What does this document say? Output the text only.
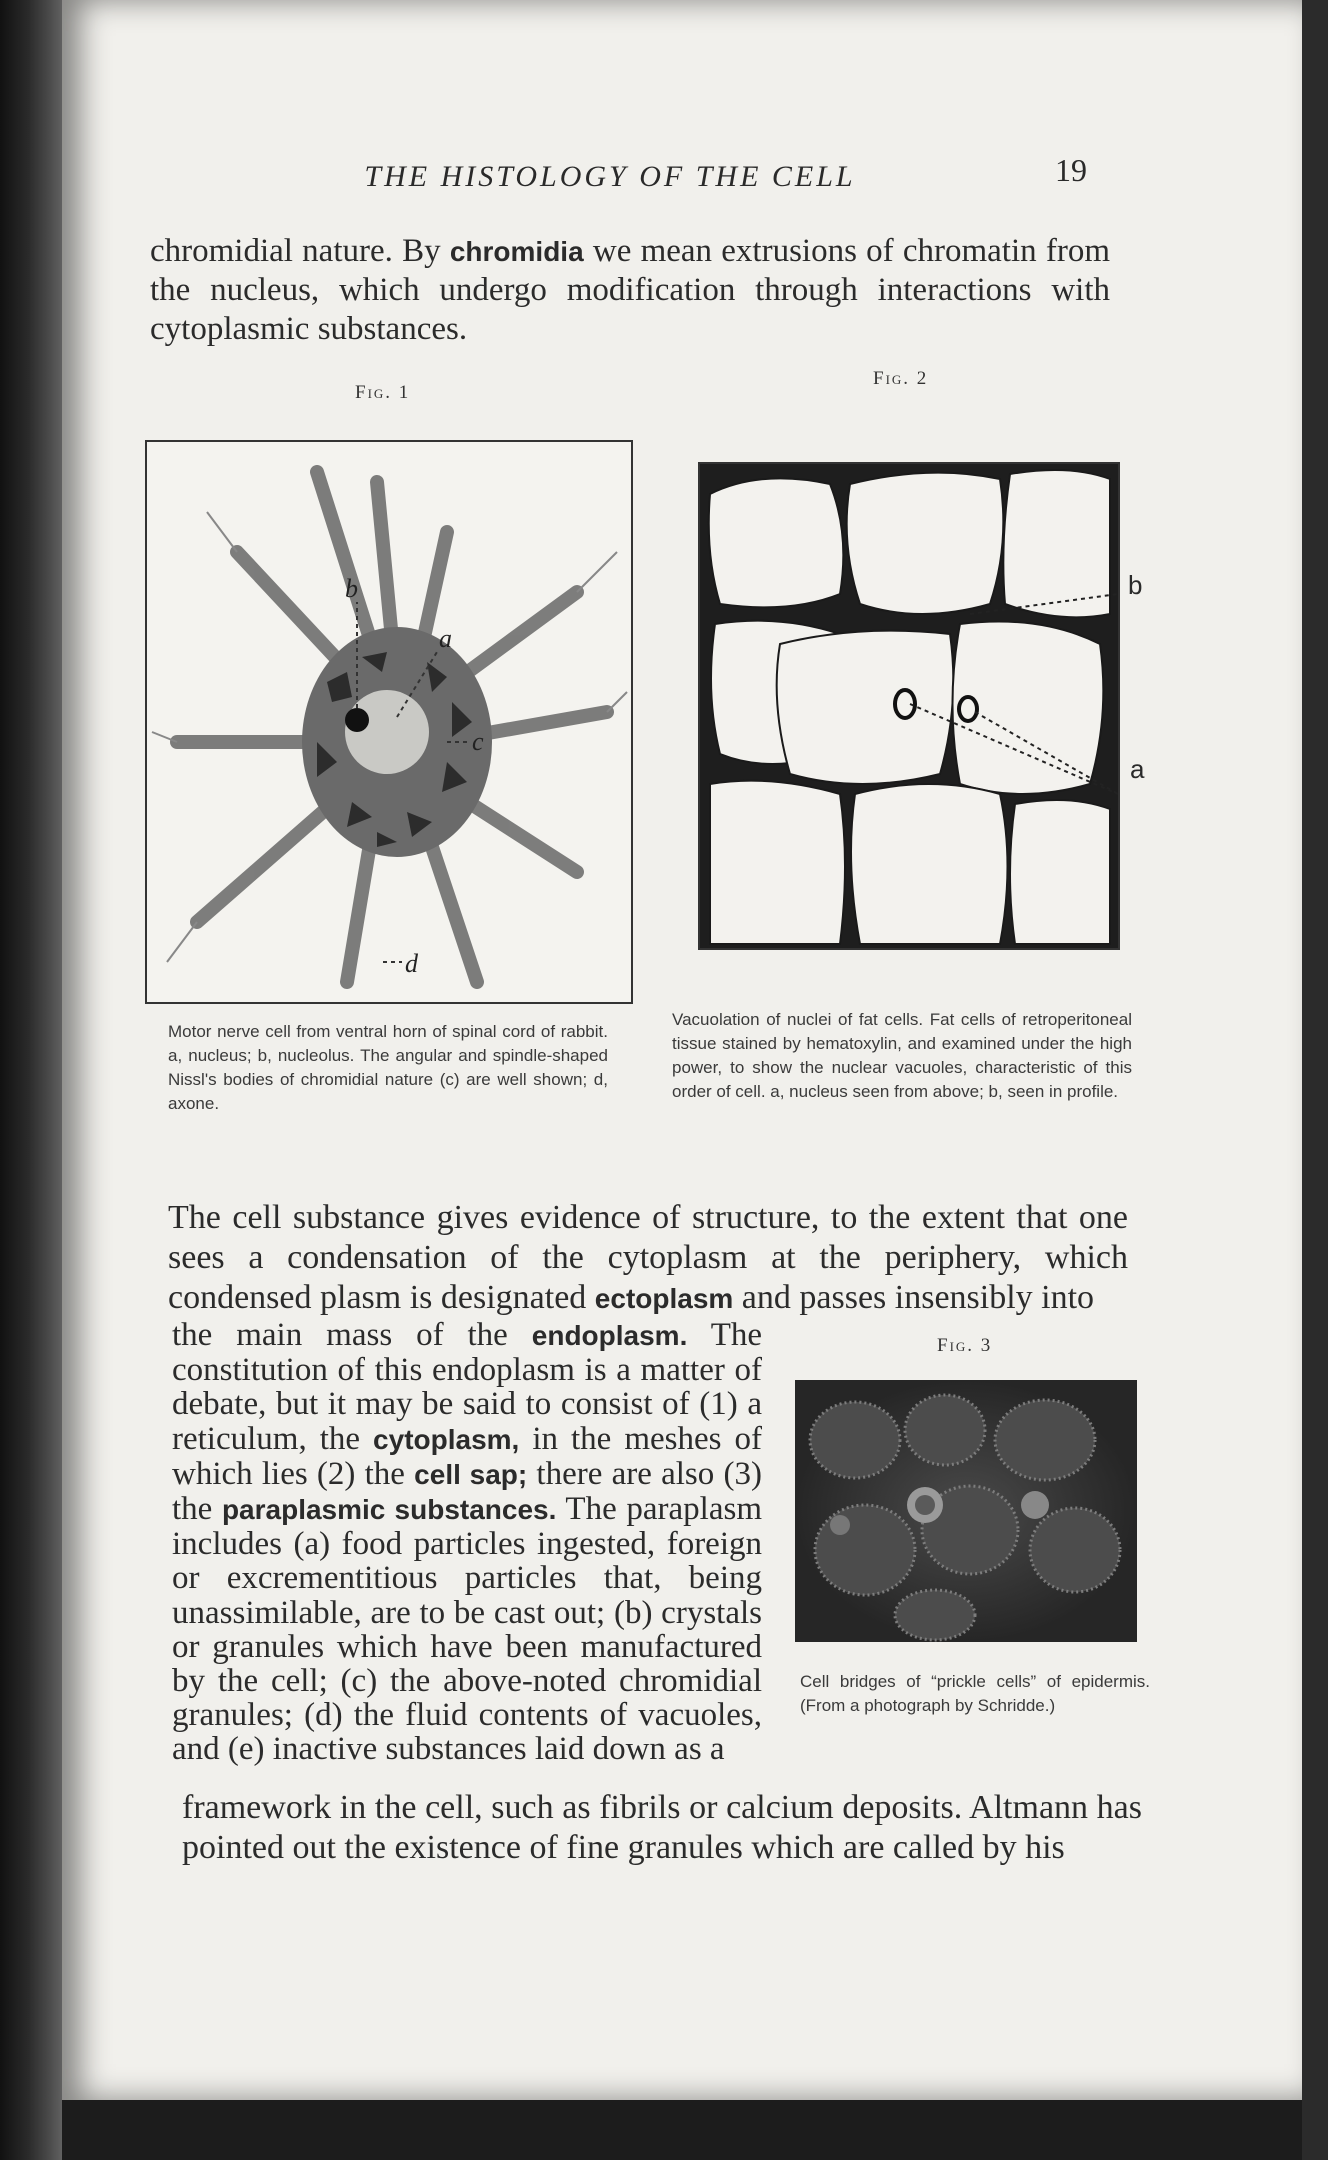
THE HISTOLOGY OF THE CELL	19
chromidial nature. By chromidia we mean extrusions of chromatin from the nucleus, which undergo modification through interactions with cytoplasmic substances.
Fig. 1
b
a
c
d
Motor nerve cell from ventral horn of spinal cord of rabbit. a, nucleus; b, nucleolus. The angular and spindle-shaped Nissl's bodies of chromidial nature (c) are well shown; d, axone.
Fig. 2
b
a
Vacuolation of nuclei of fat cells. Fat cells of retroperitoneal tissue stained by hematoxylin, and examined under the high power, to show the nuclear vacuoles, characteristic of this order of cell. a, nucleus seen from above; b, seen in profile.
The cell substance gives evidence of structure, to the extent that one sees a condensation of the cytoplasm at the periphery, which condensed plasm is designated ectoplasm and passes insensibly into
the main mass of the endoplasm. The constitution of this endoplasm is a matter of debate, but it may be said to consist of (1) a reticulum, the cytoplasm, in the meshes of which lies (2) the cell sap; there are also (3) the paraplasmic substances. The paraplasm includes (a) food particles ingested, foreign or excrementitious particles that, being unassimilable, are to be cast out; (b) crystals or granules which have been manufactured by the cell; (c) the above-noted chromidial granules; (d) the fluid contents of vacuoles, and (e) inactive substances laid down as a
Fig. 3
Cell bridges of “prickle cells” of epidermis. (From a photograph by Schridde.)
framework in the cell, such as fibrils or calcium deposits. Altmann has pointed out the existence of fine granules which are called by his
